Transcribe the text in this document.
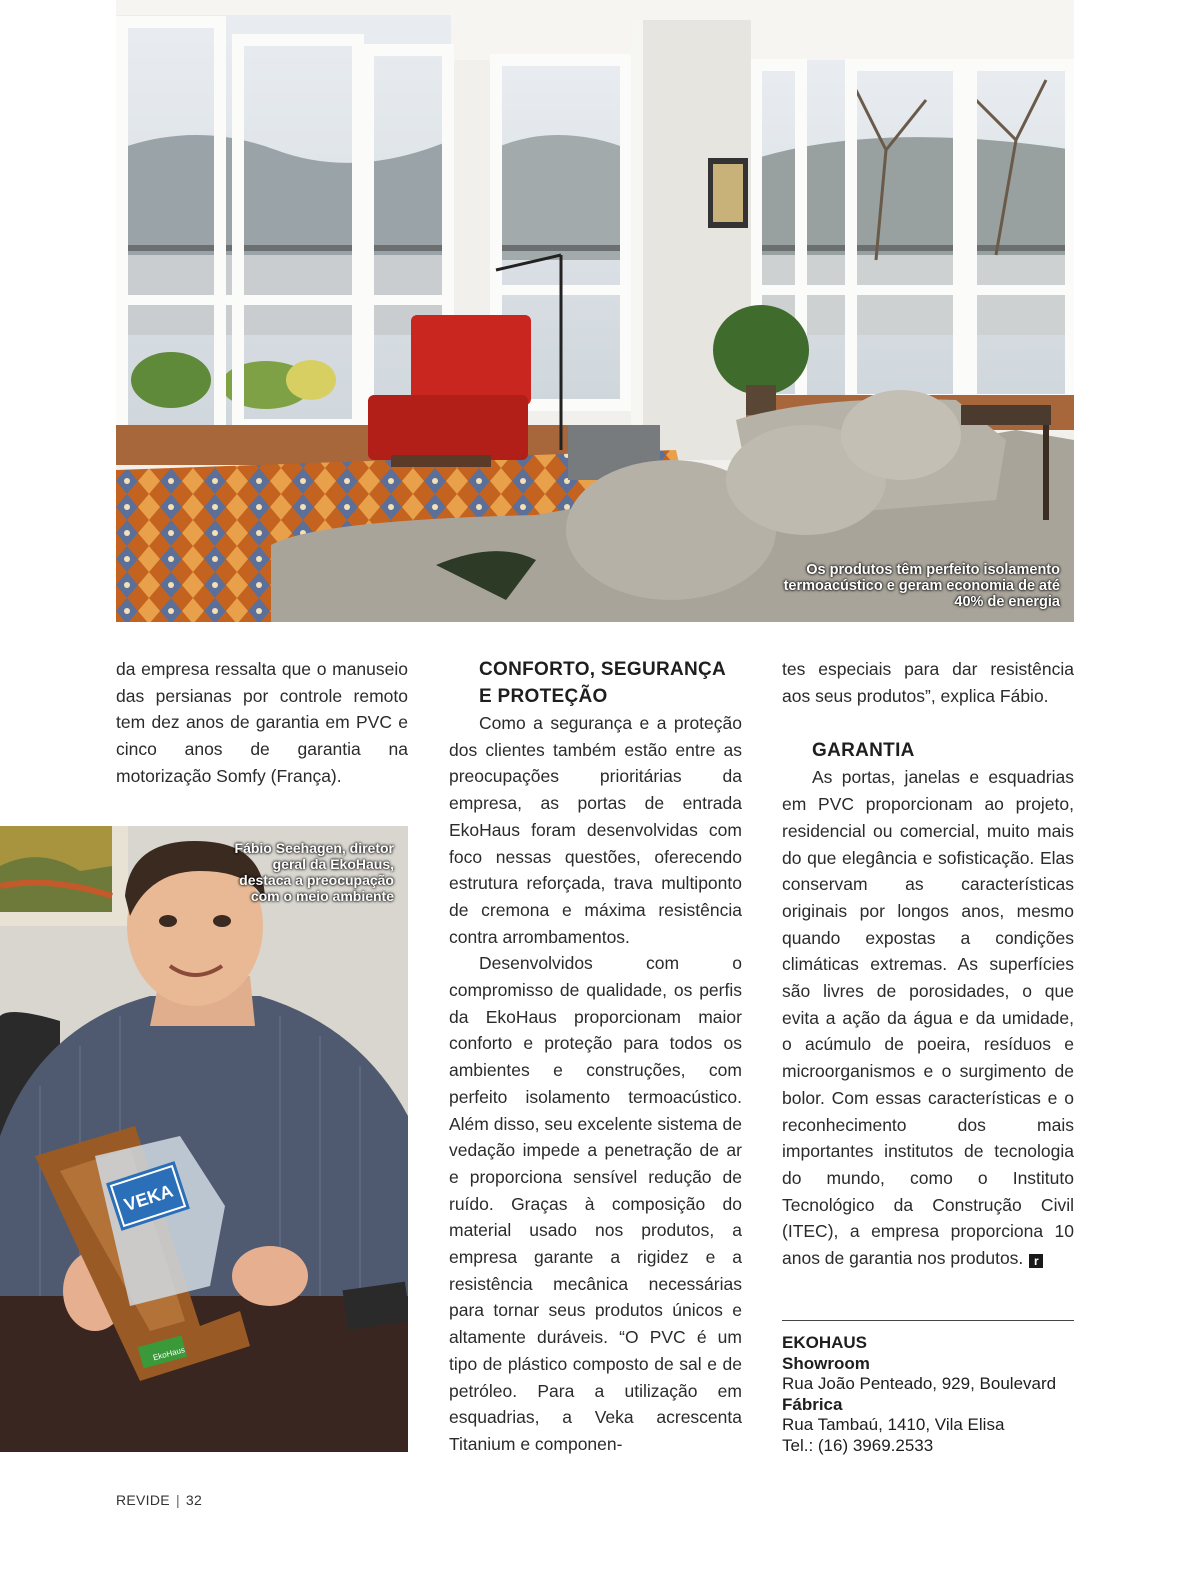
Os produtos têm perfeito isolamento termoacústico e geram economia de até 40% de energia

da empresa ressalta que o manuseio das persianas por controle remoto tem dez anos de garantia em PVC e cinco anos de garantia na motorização Somfy (França).

VEKA
EkoHaus
Fábio Seehagen, diretor geral da EkoHaus, destaca a preocupação com o meio ambiente
CONFORTO, SEGURANÇA E PROTEÇÃO

Como a segurança e a proteção dos clientes também estão entre as preocupações prioritárias da empresa, as portas de entrada EkoHaus foram desenvolvidas com foco nessas questões, oferecendo estrutura reforçada, trava multiponto de cremona e máxima resistência contra arrombamentos.

Desenvolvidos com o compromisso de qualidade, os perfis da EkoHaus proporcionam maior conforto e proteção para todos os ambientes e construções, com perfeito isolamento termoacústico. Além disso, seu excelente sistema de vedação impede a penetração de ar e proporciona sensível redução de ruído. Graças à composição do material usado nos produtos, a empresa garante a rigidez e a resistência mecânica necessárias para tornar seus produtos únicos e altamente duráveis. “O PVC é um tipo de plástico composto de sal e de petróleo. Para a utilização em esquadrias, a Veka acrescenta Titanium e componen-

tes especiais para dar resistência aos seus produtos”, explica Fábio.

GARANTIA

As portas, janelas e esquadrias em PVC proporcionam ao projeto, residencial ou comercial, muito mais do que elegância e sofisticação. Elas conservam as características originais por longos anos, mesmo quando expostas a condições climáticas extremas. As superfícies são livres de porosidades, o que evita a ação da água e da umidade, o acúmulo de poeira, resíduos e microorganismos e o surgimento de bolor. Com essas características e o reconhecimento dos mais importantes institutos de tecnologia do mundo, como o Instituto Tecnológico da Construção Civil (ITEC), a empresa proporciona 10 anos de garantia nos produtos. r

EKOHAUS
Showroom
Rua João Penteado, 929, Boulevard
Fábrica
Rua Tambaú, 1410, Vila Elisa
Tel.: (16) 3969.2533
REVIDE | 32
